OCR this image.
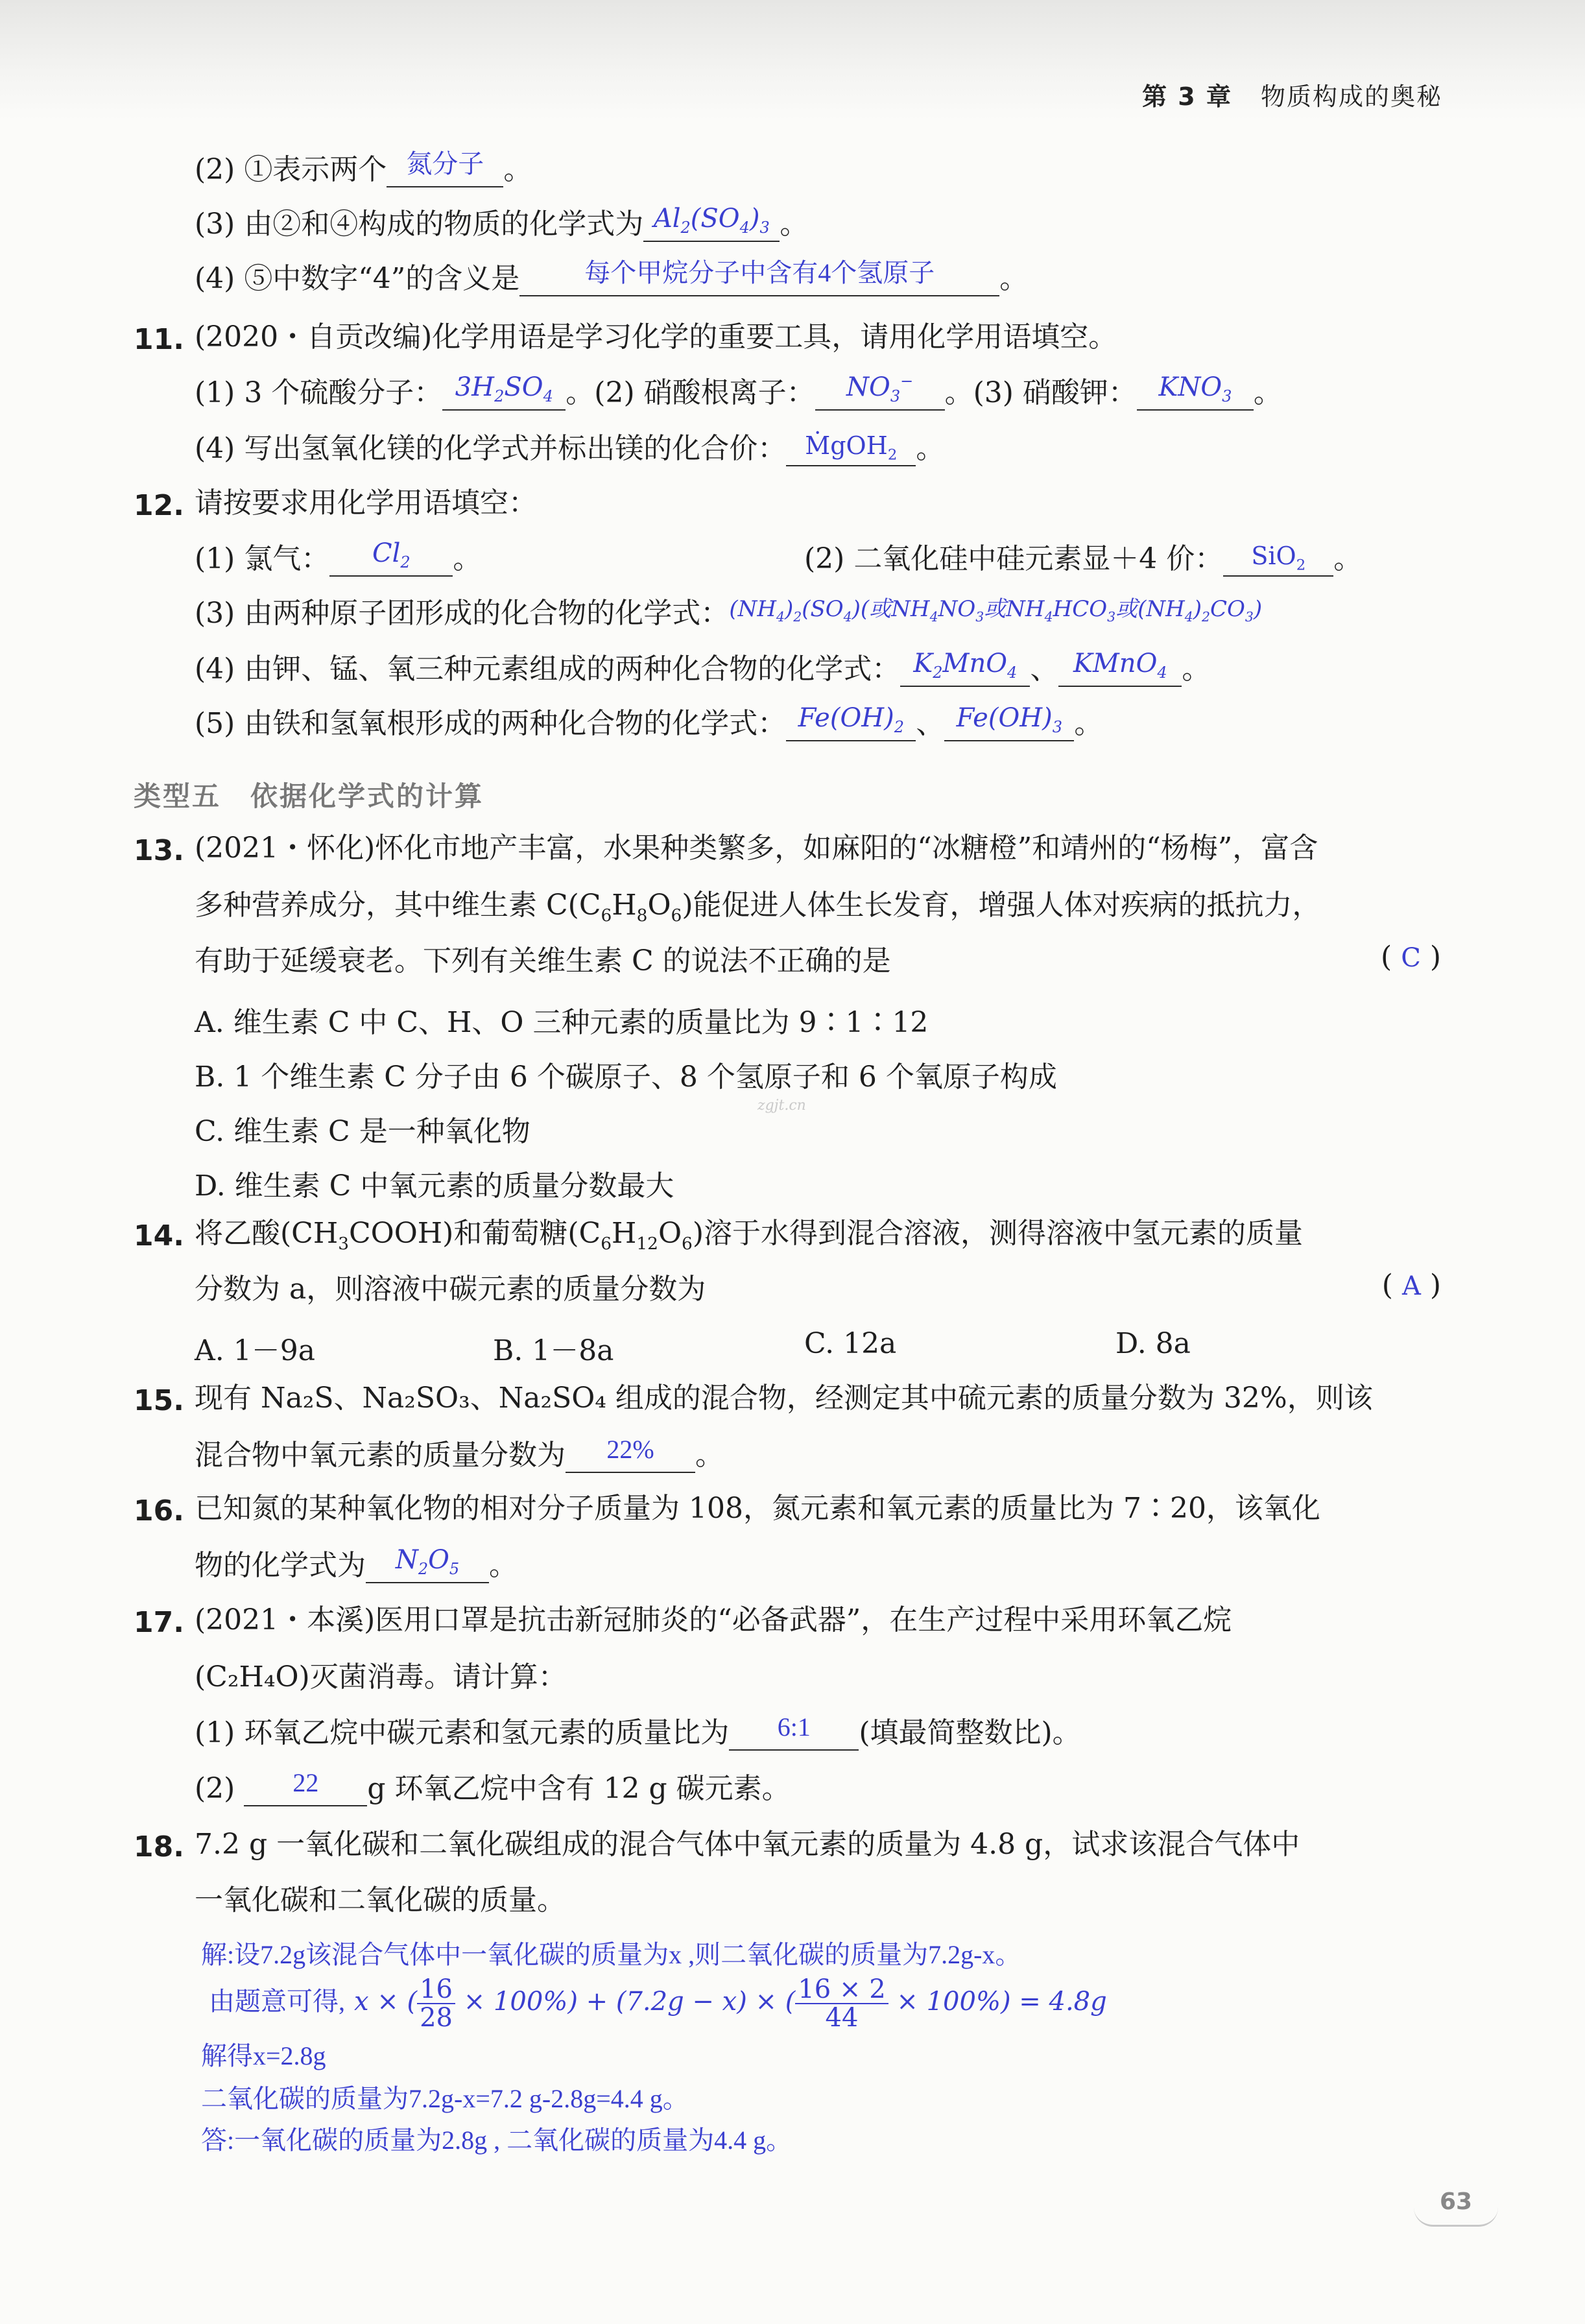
第 3 章 物质构成的奥秘
(2) ①表示两个 氮分子 。
(3) 由②和④构成的物质的化学式为 $Al_2(SO_4)_3$ 。
(4) ⑤中数字“4”的含义是	每个甲烷分子中含有4个氢原子 。
11. (2020・自贡改编)化学用语是学习化学的重要工具，请用化学用语填空。
(1) 3 个硫酸分子： $3H_2SO_4$ 。(2) 硝酸根离子： $NO_3^-$ 。(3) 硝酸钾： $KNO_3$ 。
(4) 写出氢氧化镁的化学式并标出镁的化合价： ṀgOH$_2$ 。
12. 请按要求用化学用语填空：
(1) 氯气： $Cl_2$ 。	(2) 二氧化硅中硅元素显＋4 价： SiO$_2$ 。
(3) 由两种原子团形成的化合物的化学式：$^{(NH_4)_2(SO_4)(或NH_4NO_3或NH_4HCO_3或(NH_4)_2CO_3)}$
(4) 由钾、锰、氧三种元素组成的两种化合物的化学式： $K_2MnO_4$ 、 KMnO$_4$ 。
(5) 由铁和氢氧根形成的两种化合物的化学式： $Fe(OH)_2$ 、 $Fe(OH)_3$ 。
类型五　依据化学式的计算
13. (2021・怀化)怀化市地产丰富，水果种类繁多，如麻阳的“冰糖橙”和靖州的“杨梅”，富含
多种营养成分，其中维生素 $C(C_6H_8O_6)$能促进人体生长发育，增强人体对疾病的抵抗力，
有助于延缓衰老。下列有关维生素 C 的说法不正确的是	( C )
A. 维生素 C 中 C、H、O 三种元素的质量比为 9∶1∶12
B. 1 个维生素 C 分子由 6 个碳原子、8 个氢原子和 6 个氧原子构成
C. 维生素 C 是一种氧化物
D. 维生素 C 中氧元素的质量分数最大
zgjt.cn
14. 将乙酸$(CH_3COOH)$和葡萄糖$(C_6H_{12}O_6)$溶于水得到混合溶液，测得溶液中氢元素的质量
分数为 a，则溶液中碳元素的质量分数为	( A )
A. 1－9a	B. 1－8a	C. 12a	D. 8a
15. 现有 Na₂S、Na₂SO₃、Na₂SO₄ 组成的混合物，经测定其中硫元素的质量分数为 32%，则该
混合物中氧元素的质量分数为 22% 。
16. 已知氮的某种氧化物的相对分子质量为 108，氮元素和氧元素的质量比为 7∶20，该氧化
物的化学式为 $N_2O_5$ 。
17. (2021・本溪)医用口罩是抗击新冠肺炎的“必备武器”，在生产过程中采用环氧乙烷
(C₂H₄O)灭菌消毒。请计算：
(1) 环氧乙烷中碳元素和氢元素的质量比为 6:1 (填最简整数比)。
(2) 22 g 环氧乙烷中含有 12 g 碳元素。
18. 7.2 g 一氧化碳和二氧化碳组成的混合气体中氧元素的质量为 4.8 g，试求该混合气体中
一氧化碳和二氧化碳的质量。
解:设7.2g该混合气体中一氧化碳的质量为x ,则二氧化碳的质量为7.2g-x。
由题意可得, x × ( $\frac{16}{28} \times 100\%) + (7.2g - x)$ × ( $\frac{16 \times 2}{44} \times 100\%) = 4.8g$
解得x=2.8g
二氧化碳的质量为7.2g-x=7.2 g-2.8g=4.4 g。
答:一氧化碳的质量为2.8g , 二氧化碳的质量为4.4 g。
63
